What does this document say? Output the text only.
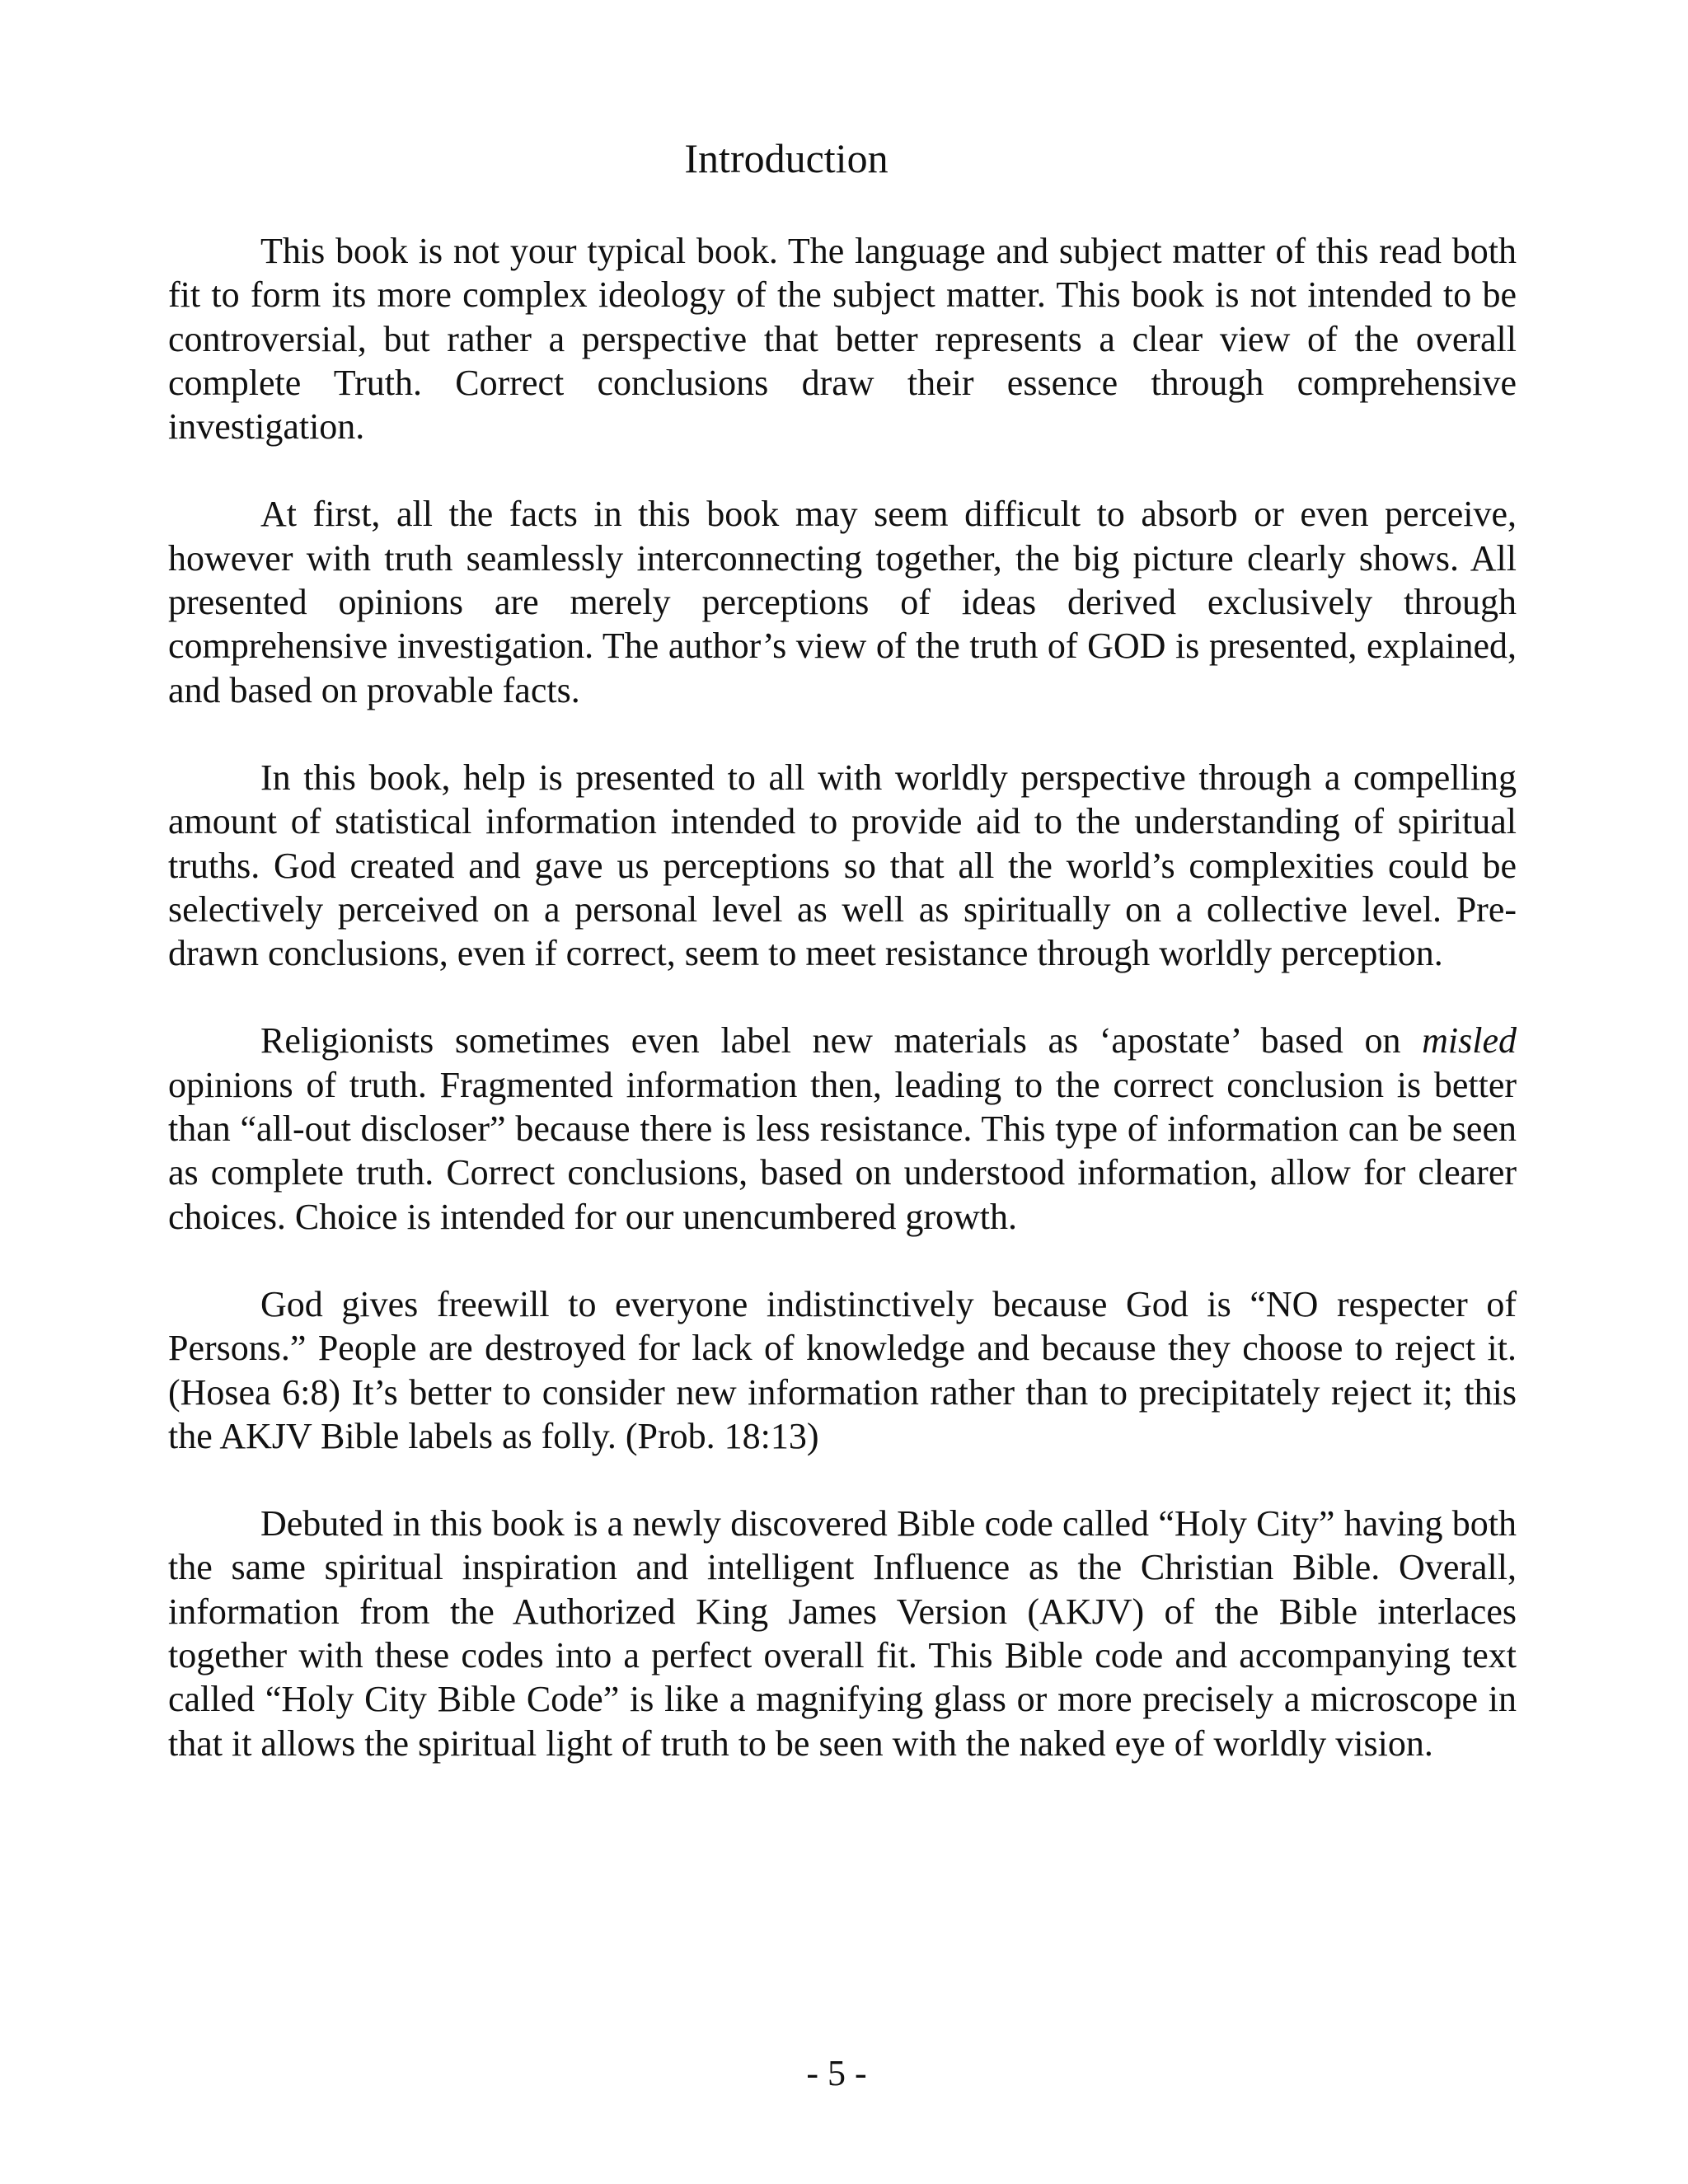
Introduction

This book is not your typical book. The language and subject matter of this read both fit to form its more complex ideology of the subject matter. This book is not intended to be controversial, but rather a perspective that better represents a clear view of the overall complete Truth. Correct conclusions draw their essence through comprehensive investigation.

At first, all the facts in this book may seem difficult to absorb or even perceive, however with truth seamlessly interconnecting together, the big picture clearly shows. All presented opinions are merely perceptions of ideas derived exclusively through comprehensive investigation. The author’s view of the truth of GOD is presented, explained, and based on provable facts.

In this book, help is presented to all with worldly perspective through a compelling amount of statistical information intended to provide aid to the understanding of spiritual truths. God created and gave us perceptions so that all the world’s complexities could be selectively perceived on a personal level as well as spiritually on a collective level. Pre-drawn conclusions, even if correct, seem to meet resistance through worldly perception.

Religionists sometimes even label new materials as ‘apostate’ based on misled opinions of truth. Fragmented information then, leading to the correct conclusion is better than “all-out discloser” because there is less resistance. This type of information can be seen as complete truth. Correct conclusions, based on understood information, allow for clearer choices. Choice is intended for our unencumbered growth.

God gives freewill to everyone indistinctively because God is “NO respecter of Persons.” People are destroyed for lack of knowledge and because they choose to reject it. (Hosea 6:8) It’s better to consider new information rather than to precipitately reject it; this the AKJV Bible labels as folly. (Prob. 18:13)

Debuted in this book is a newly discovered Bible code called “Holy City” having both the same spiritual inspiration and intelligent Influence as the Christian Bible. Overall, information from the Authorized King James Version (AKJV) of the Bible interlaces together with these codes into a perfect overall fit. This Bible code and accompanying text called “Holy City Bible Code” is like a magnifying glass or more precisely a microscope in that it allows the spiritual light of truth to be seen with the naked eye of worldly vision.

- 5 -
